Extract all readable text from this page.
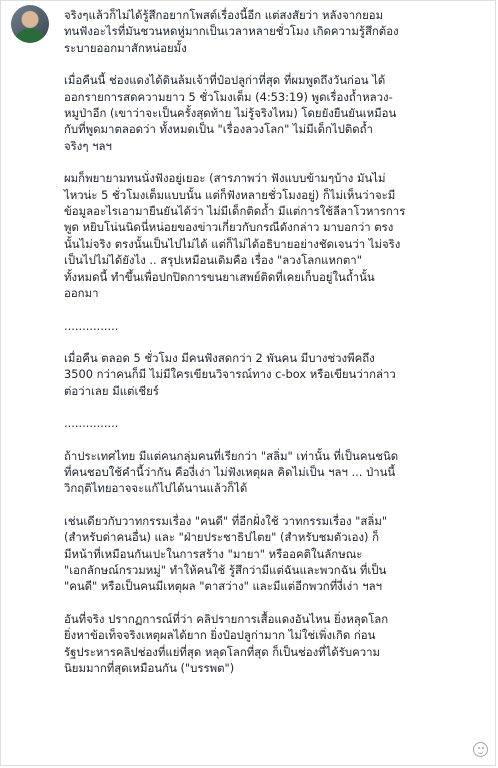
จริงๆแล้วก็ไม่ได้รู้สึกอยากโพสต์เรื่องนี้อีก แต่สงสัยว่า หลังจากยอม
ทนฟังอะไรที่มันชวนหดหู่มากเป็นเวลาหลายชั่วโมง เกิดความรู้สึกต้อง
ระบายออกมาสักหน่อยมั้ง

เมื่อคืนนี้ ช่องแดงได้ดินล้มเจ้าที่ป๋อปลูก่าที่สุด ที่ผมพูดถึงวันก่อน ได้
ออกรายการสดความยาว 5 ชั่วโมงเต็ม (4:53:19) พูดเรื่องถ้ำหลวง-
หมูป่าอีก (เขาว่าจะเป็นครั้งสุดท้าย ไม่รู้จริงไหม) โดยยังยืนยันเหมือน
กับที่พูดมาตลอดว่า ทั้งหมดเป็น "เรื่องลวงโลก" ไม่มีเด็กไปติดถ้ำ
จริงๆ ฯลฯ

ผมก็พยายามทนนั่งฟังอยู่เยอะ (สารภาพว่า ฟังแบบข้ามๆบ้าง มันไม่
ไหวน่ะ 5 ชั่วโมงเต็มแบบนั้น แต่ก็ฟังหลายชั่วโมงอยู่) ก็ไม่เห็นว่าจะมี
ข้อมูลอะไรเอามายืนยันได้ว่า ไม่มีเด็กติดถ้ำ มีแต่การใช้ลีลาโวหารการ
พูด หยิบโน่นนิดนี่หน่อยของข่าวเกี่ยวกับกรณีดังกล่าว มาบอกว่า ตรง
นั้นไม่จริง ตรงนั้นเป็นไปไม่ได้ แต่ก็ไม่ได้อธิบายอย่างชัดเจนว่า ไม่จริง
เป็นไปไม่ได้ยังไง .. สรุปเหมือนเดิมคือ เรื่อง "ลวงโลกแหกตา"
ทั้งหมดนี้ ทำขึ้นเพื่อปกปิดการขนยาเสพย์ติดที่เคยเก็บอยู่ในถ้ำนั้น
ออกมา

...............

เมื่อคืน ตลอด 5 ชั่วโมง มีคนฟังสดกว่า 2 พันคน มีบางช่วงพีคถึง
3500 กว่าคนก็มี ไม่มีใครเขียนวิจารณ์ทาง c-box หรือเขียนว่ากล่าว
ต่อว่าเลย มีแต่เชียร์

...............

ถ้าประเทศไทย มีแต่คนกลุ่มคนที่เรียกว่า "สลิ่ม" เท่านั้น ที่เป็นคนชนิด
ที่คนชอบใช้คำนี้ว่ากัน คืองี่เง่า ไม่ฟังเหตุผล คิดไม่เป็น ฯลฯ ... ป่านนี้
วิกฤติไทยอาจจะแก้ไปได้นานแล้วก็ได้

เช่นเดียวกับวาทกรรมเรื่อง "คนดี" ที่อีกฝั่งใช้ วาทกรรมเรื่อง "สลิ่ม"
(สำหรับด่าคนอื่น) และ "ฝ่ายประชาธิปไตย" (สำหรับชมตัวเอง) ก็
มีหน้าที่เหมือนกันเปะในการสร้าง "มายา" หรืออคติในลักษณะ
"เอกลักษณ์กรวมหมู่" ทำให้คนใช้ รู้สึกว่ามีแต่ฉันและพวกฉัน ที่เป็น
"คนดี" หรือเป็นคนมีเหตุผล "ตาสว่าง" และมีแต่อีกพวกที่งี่เง่า ฯลฯ

อันที่จริง ปรากฏการณ์ที่ว่า คลิปรายการเสื้อแดงอันไหน ยิ่งหลุดโลก
ยิ่งหาข้อเท็จจริงเหตุผลได้ยาก ยิ่งป๋อปลูก่ามาก ไม่ใช่เพิ่งเกิด ก่อน
รัฐประหารคลิปช่องที่แย่ที่สุด หลุดโลกที่สุด ก็เป็นช่องที่ได้รับความ
นิยมมากที่สุดเหมือนกัน ("บรรพต")
